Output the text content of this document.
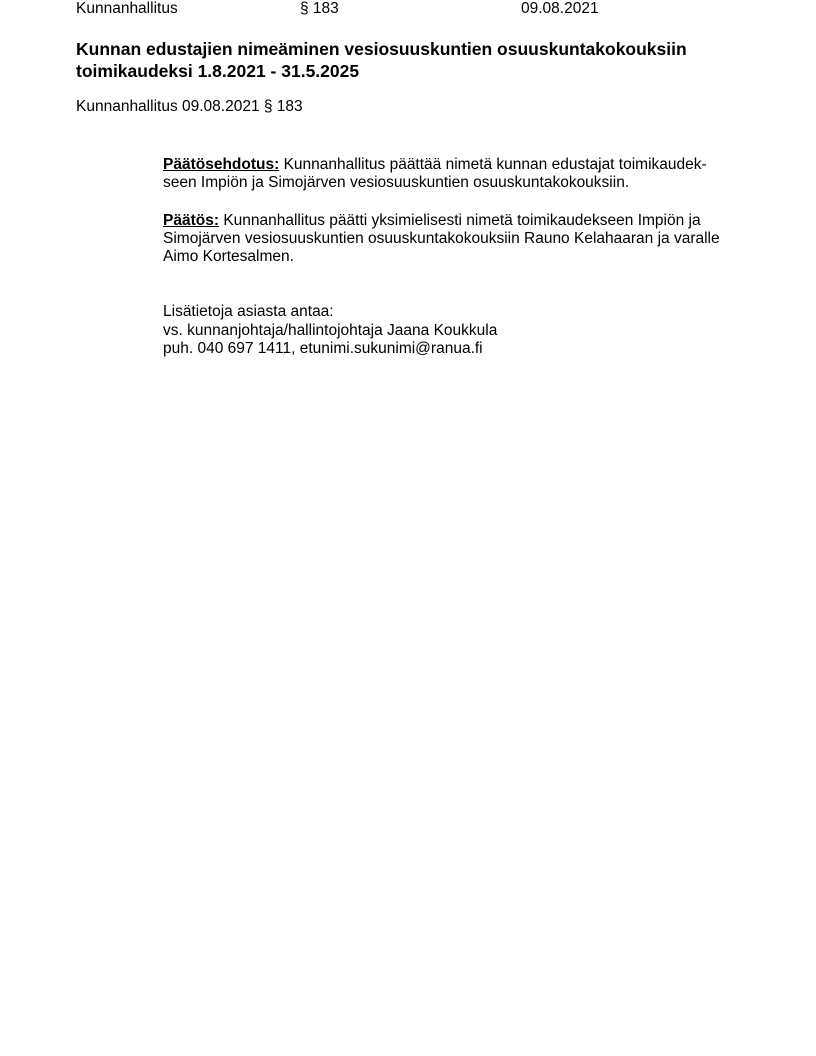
Kunnanhallitus	§ 183	09.08.2021
Kunnan edustajien nimeäminen vesiosuuskuntien osuuskuntakokouksiin
toimikaudeksi 1.8.2021 - 31.5.2025
Kunnanhallitus 09.08.2021 § 183
Päätösehdotus: Kunnanhallitus päättää nimetä kunnan edustajat toimikaudek-
seen Impiön ja Simojärven vesiosuuskuntien osuuskuntakokouksiin.
Päätös: Kunnanhallitus päätti yksimielisesti nimetä toimikaudekseen Impiön ja
Simojärven vesiosuuskuntien osuuskuntakokouksiin Rauno Kelahaaran ja varalle
Aimo Kortesalmen.
Lisätietoja asiasta antaa:
vs. kunnanjohtaja/hallintojohtaja Jaana Koukkula
puh. 040 697 1411, etunimi.sukunimi@ranua.fi
